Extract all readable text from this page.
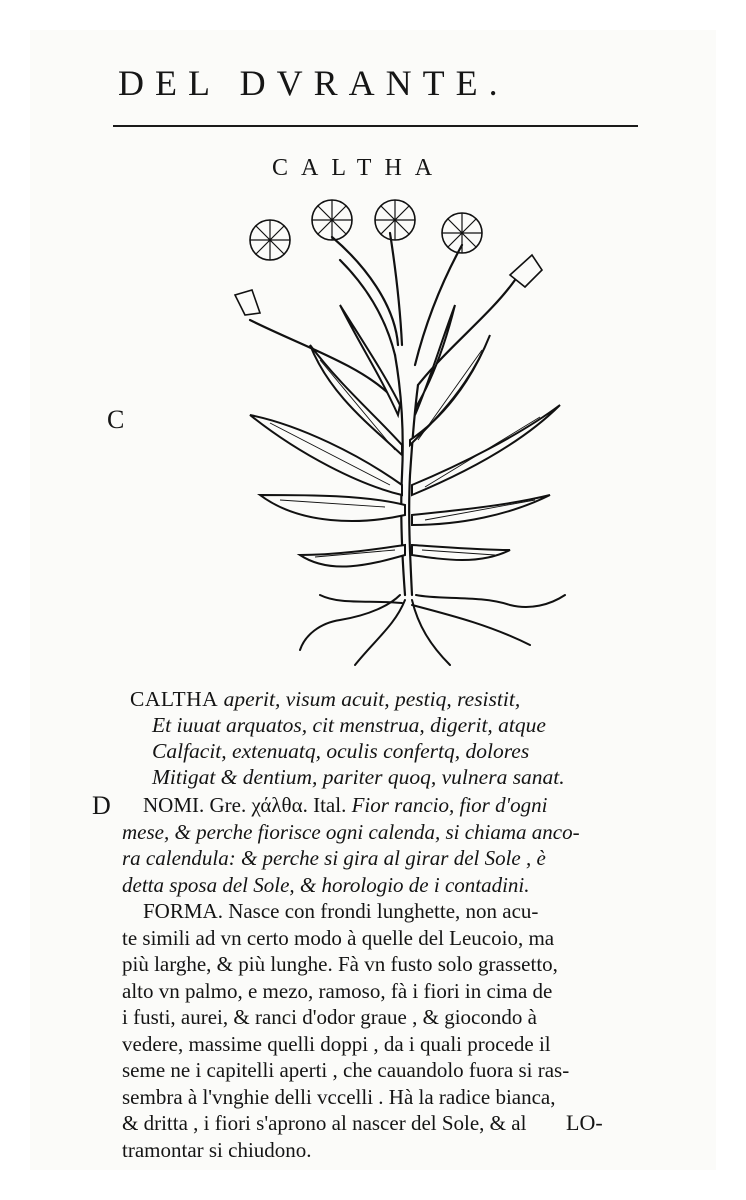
DEL DVRANTE.
CALTHA
C
D
CALTHA aperit, visum acuit, pestiq, resistit,
Et iuuat arquatos, cit menstrua, digerit, atque
Calfacit, extenuatq, oculis confertq, dolores
Mitigat & dentium, pariter quoq, vulnera sanat.
 NOMI. Gre. χάλθα. Ital. Fior rancio, fior d'ogni
mese, & perche fiorisce ogni calenda, si chiama anco-
ra calendula: & perche si gira al girar del Sole , è
detta sposa del Sole, & horologio de i contadini.
 FORMA. Nasce con frondi lunghette, non acu-
te simili ad vn certo modo à quelle del Leucoio, ma
più larghe, & più lunghe. Fà vn fusto solo grassetto,
alto vn palmo, e mezo, ramoso, fà i fiori in cima de
i fusti, aurei, & ranci d'odor graue , & giocondo à
vedere, massime quelli doppi , da i quali procede il
seme ne i capitelli aperti , che cauandolo fuora si ras-
sembra à l'vnghie delli vccelli . Hà la radice bianca,
& dritta , i fiori s'aprono al nascer del Sole, & al
tramontar si chiudono.
LO-
